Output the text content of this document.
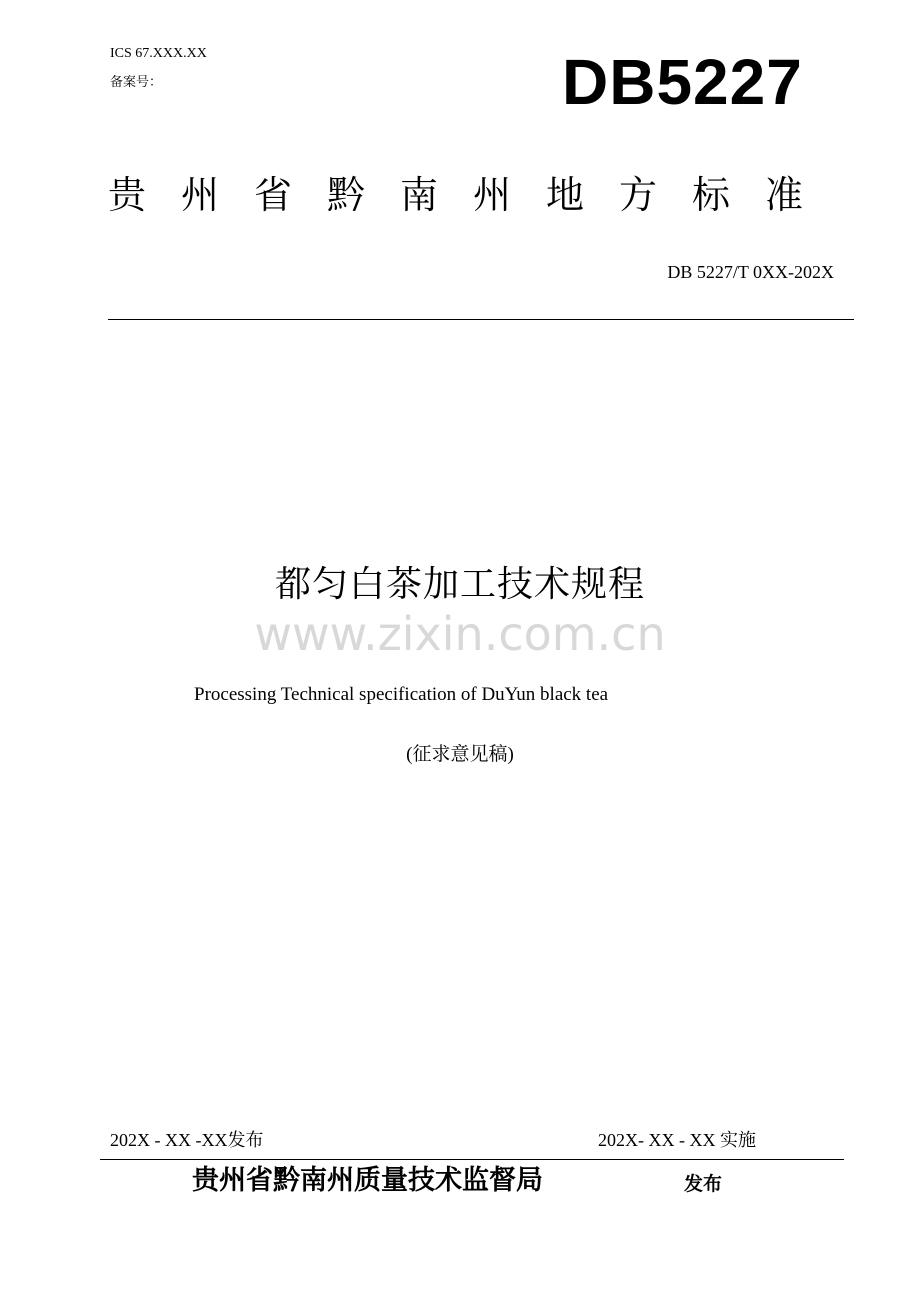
ICS 67.XXX.XX
备案号：	DB5227
贵州省黔南州地方标准
DB 5227/T 0XX-202X
都匀白茶加工技术规程
www.zixin.com.cn
Processing Technical specification of DuYun black tea
(征求意见稿)
202X - XX -XX发布	202X- XX - XX 实施
贵州省黔南州质量技术监督局	发布
